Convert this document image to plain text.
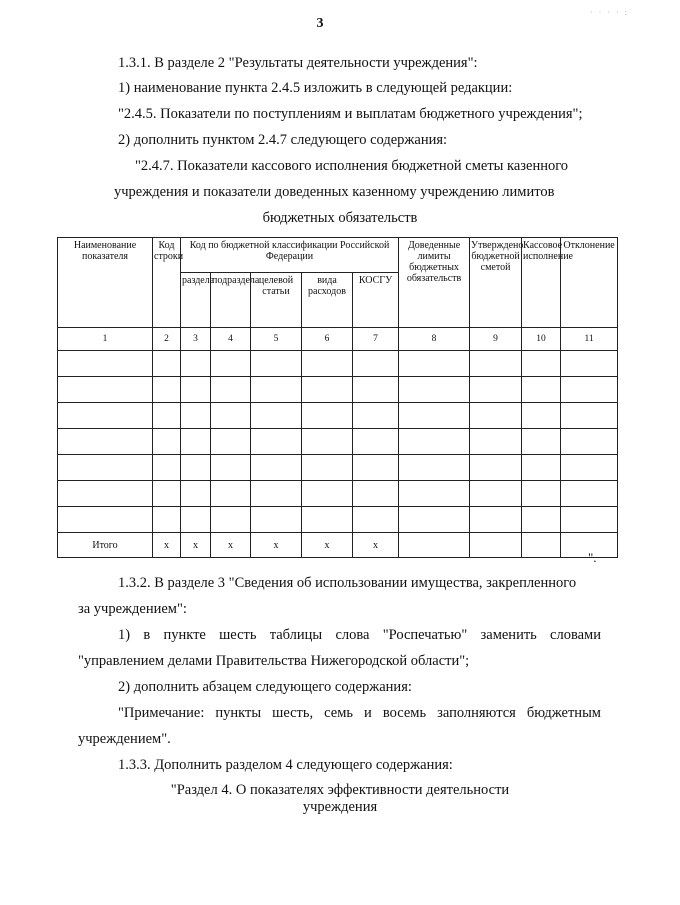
· · · · :
3
1.3.1. В разделе 2 "Результаты деятельности учреждения":
1) наименование пункта 2.4.5 изложить в следующей редакции:
"2.4.5. Показатели по поступлениям и выплатам бюджетного учреждения";
2) дополнить пунктом 2.4.7 следующего содержания:
"2.4.7. Показатели кассового исполнения бюджетной сметы казенного
учреждения и показатели доведенных казенному учреждению лимитов
бюджетных обязательств
Наименование показателя	Код строки	Код по бюджетной классификации Российской Федерации					Доведенные лимиты бюджетных обязательств	Утверждено бюджетной сметой	Кассовое исполнение	Отклонение
		раздела	подраздела	целевой статьи	вида расходов	КОСГУ				
1	2	3	4	5	6	7	8	9	10	11

Итого	x	x	x	x	x	x				
".
1.3.2. В разделе 3 "Сведения об использовании имущества, закрепленного
за учреждением":
1) в пункте шесть таблицы слова "Роспечатью" заменить словами
"управлением делами Правительства Нижегородской области";
2) дополнить абзацем следующего содержания:
"Примечание: пункты шесть, семь и восемь заполняются бюджетным
учреждением".
1.3.3. Дополнить разделом 4 следующего содержания:
"Раздел 4. О показателях эффективности деятельности
учреждения
